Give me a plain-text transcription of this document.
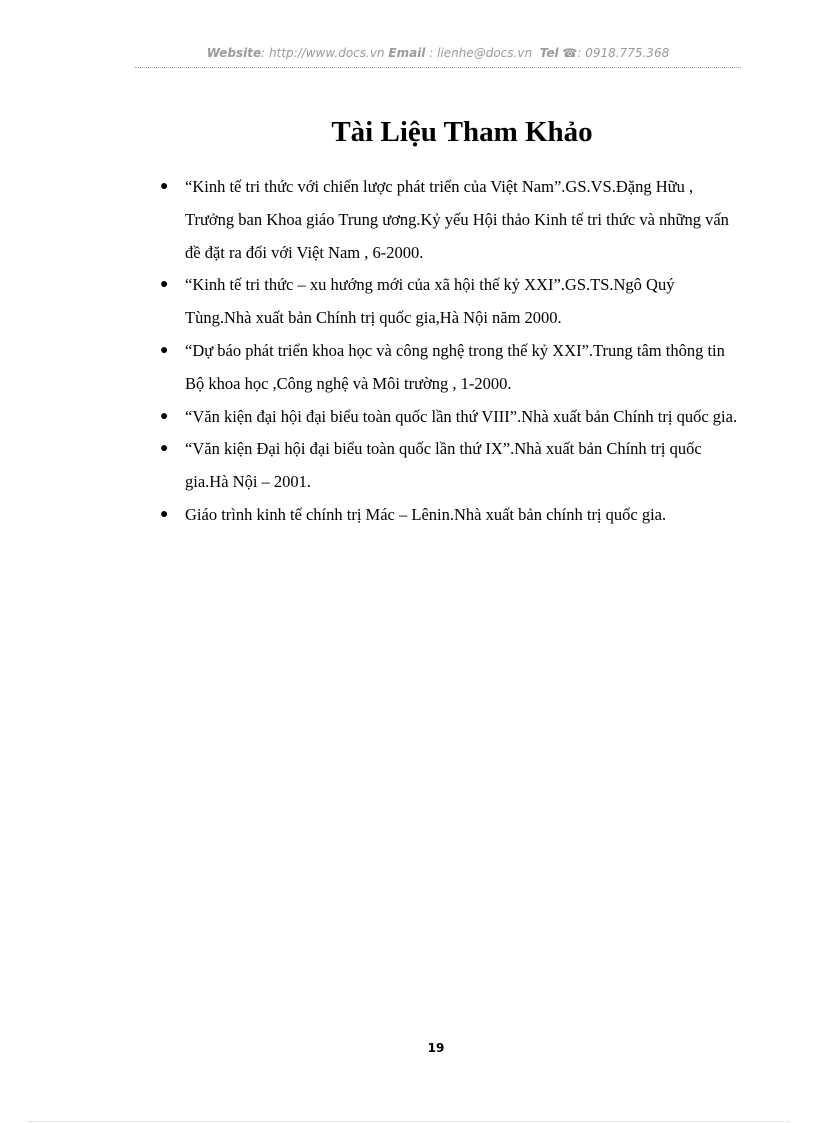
Website: http://www.docs.vn Email : lienhe@docs.vn Tel ☎: 0918.775.368
Tài Liệu Tham Khảo
● “Kinh tế tri thức với chiến lược phát triển của Việt Nam”.GS.VS.Đặng Hữu , Trưởng ban Khoa giáo Trung ương.Kỷ yếu Hội thảo Kinh tế tri thức và những vấn đề đặt ra đối với Việt Nam , 6-2000.
● “Kinh tế tri thức – xu hướng mới của xã hội thế kỷ XXI”.GS.TS.Ngô Quý Tùng.Nhà xuất bản Chính trị quốc gia,Hà Nội năm 2000.
● “Dự báo phát triển khoa học và công nghệ trong thế kỷ XXI”.Trung tâm thông tin Bộ khoa học ,Công nghệ và Môi trường , 1-2000.
● “Văn kiện đại hội đại biểu toàn quốc lần thứ VIII”.Nhà xuất bản Chính trị quốc gia.
● “Văn kiện Đại hội đại biểu toàn quốc lần thứ IX”.Nhà xuất bản Chính trị quốc gia.Hà Nội – 2001.
● Giáo trình kinh tế chính trị Mác – Lênin.Nhà xuất bản chính trị quốc gia.
19
